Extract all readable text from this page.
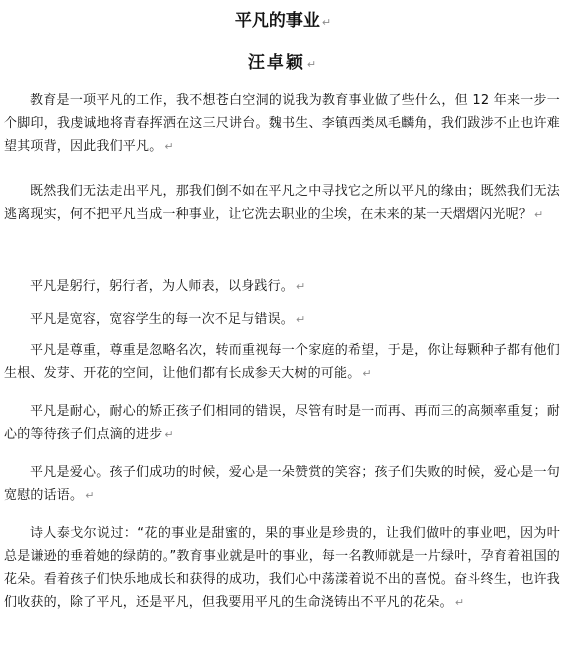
平凡的事业 ↵
汪卓颖 ↵

教育是一项平凡的工作，我不想苍白空洞的说我为教育事业做了些什么，但 12 年来一步一个脚印，我虔诚地将青春挥洒在这三尺讲台。魏书生、李镇西类凤毛麟角，我们跋涉不止也许难望其项背，因此我们平凡。 ↵

既然我们无法走出平凡，那我们倒不如在平凡之中寻找它之所以平凡的缘由；既然我们无法逃离现实，何不把平凡当成一种事业，让它洗去职业的尘埃，在未来的某一天熠熠闪光呢？ ↵

平凡是躬行，躬行者，为人师表，以身践行。 ↵

平凡是宽容，宽容学生的每一次不足与错误。 ↵

平凡是尊重，尊重是忽略名次，转而重视每一个家庭的希望，于是，你让每颗种子都有他们生根、发芽、开花的空间，让他们都有长成参天大树的可能。 ↵

平凡是耐心，耐心的矫正孩子们相同的错误，尽管有时是一而再、再而三的高频率重复；耐心的等待孩子们点滴的进步 ↵

平凡是爱心。孩子们成功的时候，爱心是一朵赞赏的笑容；孩子们失败的时候，爱心是一句宽慰的话语。 ↵

诗人泰戈尔说过：“花的事业是甜蜜的，果的事业是珍贵的，让我们做叶的事业吧，因为叶总是谦逊的垂着她的绿荫的。”教育事业就是叶的事业，每一名教师就是一片绿叶，孕育着祖国的花朵。看着孩子们快乐地成长和获得的成功，我们心中荡漾着说不出的喜悦。奋斗终生，也许我们收获的，除了平凡，还是平凡，但我要用平凡的生命浇铸出不平凡的花朵。 ↵
